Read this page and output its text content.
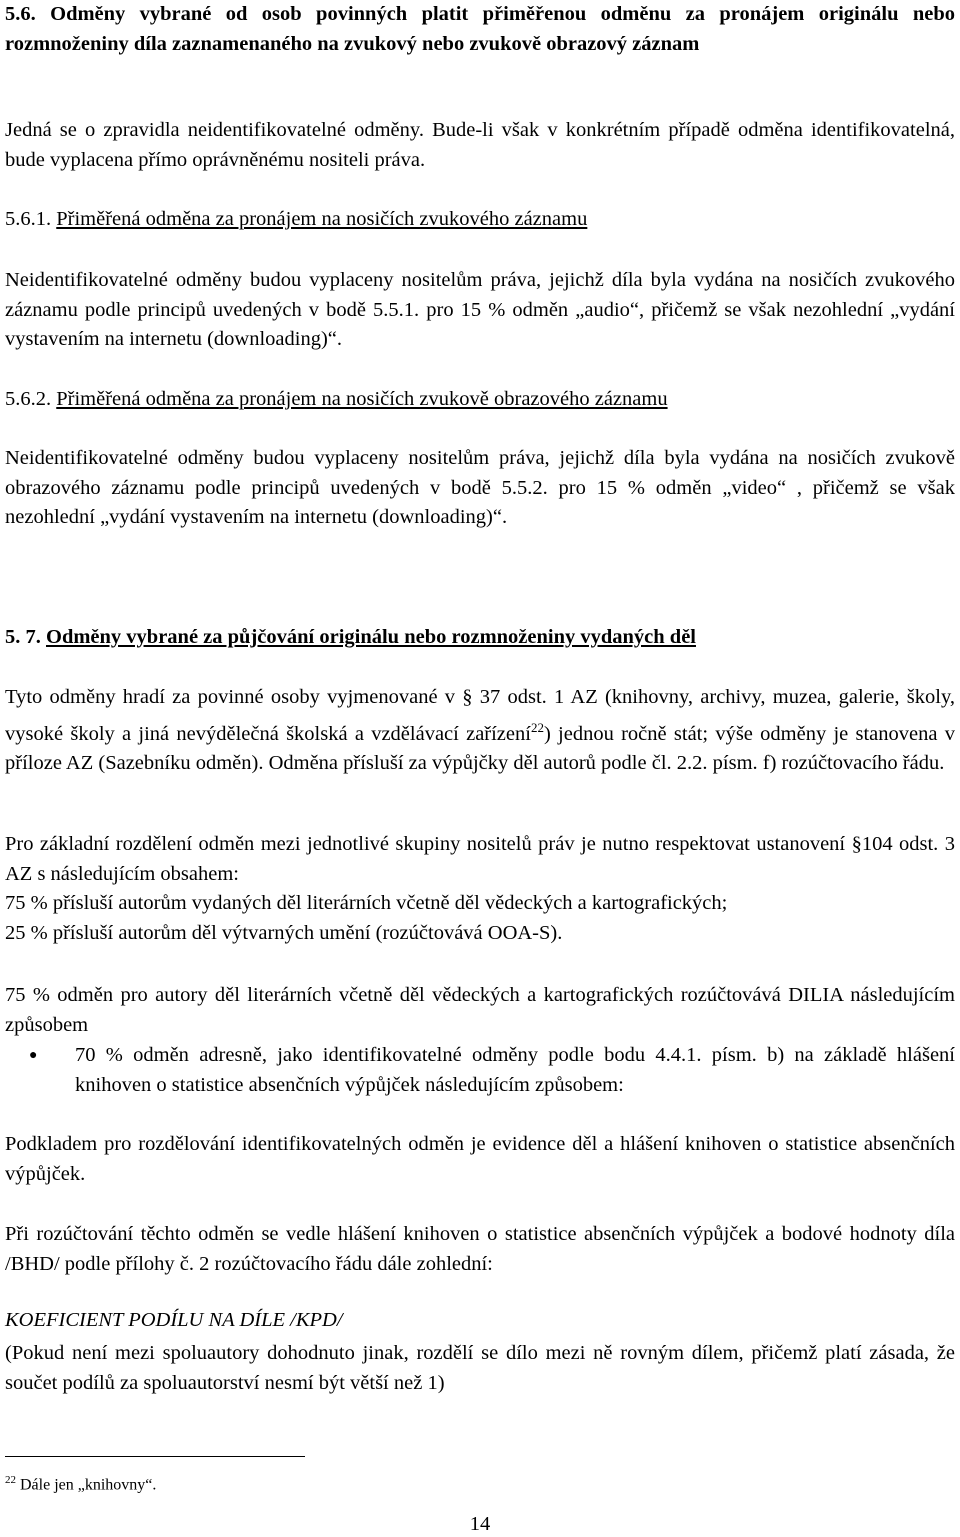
5.6. Odměny vybrané od osob povinných platit přiměřenou odměnu za pronájem originálu nebo rozmnoženiny díla zaznamenaného na zvukový nebo zvukově obrazový záznam

Jedná se o zpravidla neidentifikovatelné odměny. Bude-li však v konkrétním případě odměna identifikovatelná, bude vyplacena přímo oprávněnému nositeli práva.

5.6.1. Přiměřená odměna za pronájem na nosičích zvukového záznamu

Neidentifikovatelné odměny budou vyplaceny nositelům práva, jejichž díla byla vydána na nosičích zvukového záznamu podle principů uvedených v bodě 5.5.1. pro 15 % odměn „audio“, přičemž se však nezohlední „vydání vystavením na internetu (downloading)“.

5.6.2. Přiměřená odměna za pronájem na nosičích zvukově obrazového záznamu

Neidentifikovatelné odměny budou vyplaceny nositelům práva, jejichž díla byla vydána na nosičích zvukově obrazového záznamu podle principů uvedených v bodě 5.5.2. pro 15 % odměn „video“ , přičemž se však nezohlední „vydání vystavením na internetu (downloading)“.

5. 7. Odměny vybrané za půjčování originálu nebo rozmnoženiny vydaných děl

Tyto odměny hradí za povinné osoby vyjmenované v § 37 odst. 1 AZ (knihovny, archivy, muzea, galerie, školy, vysoké školy a jiná nevýdělečná školská a vzdělávací zařízení$^{22}$) jednou ročně stát; výše odměny je stanovena v příloze AZ (Sazebníku odměn). Odměna přísluší za výpůjčky děl autorů podle čl. 2.2. písm. f) rozúčtovacího řádu.

Pro základní rozdělení odměn mezi jednotlivé skupiny nositelů práv je nutno respektovat ustanovení §104 odst. 3 AZ s následujícím obsahem:

75 % přísluší autorům vydaných děl literárních včetně děl vědeckých a kartografických;

25 % přísluší autorům děl výtvarných umění (rozúčtovává OOA-S).

75 % odměn pro autory děl literárních včetně děl vědeckých a kartografických rozúčtovává DILIA následujícím způsobem

●	70 % odměn adresně, jako identifikovatelné odměny podle bodu 4.4.1. písm. b) na základě hlášení knihoven o statistice absenčních výpůjček následujícím způsobem:

Podkladem pro rozdělování identifikovatelných odměn je evidence děl a hlášení knihoven o statistice absenčních výpůjček.

Při rozúčtování těchto odměn se vedle hlášení knihoven o statistice absenčních výpůjček a bodové hodnoty díla /BHD/ podle přílohy č. 2 rozúčtovacího řádu dále zohlední:

KOEFICIENT PODÍLU NA DÍLE /KPD/

(Pokud není mezi spoluautory dohodnuto jinak, rozdělí se dílo mezi ně rovným dílem, přičemž platí zásada, že součet podílů za spoluautorství nesmí být větší než 1)

$^{22}$ Dále jen „knihovny“.
14
